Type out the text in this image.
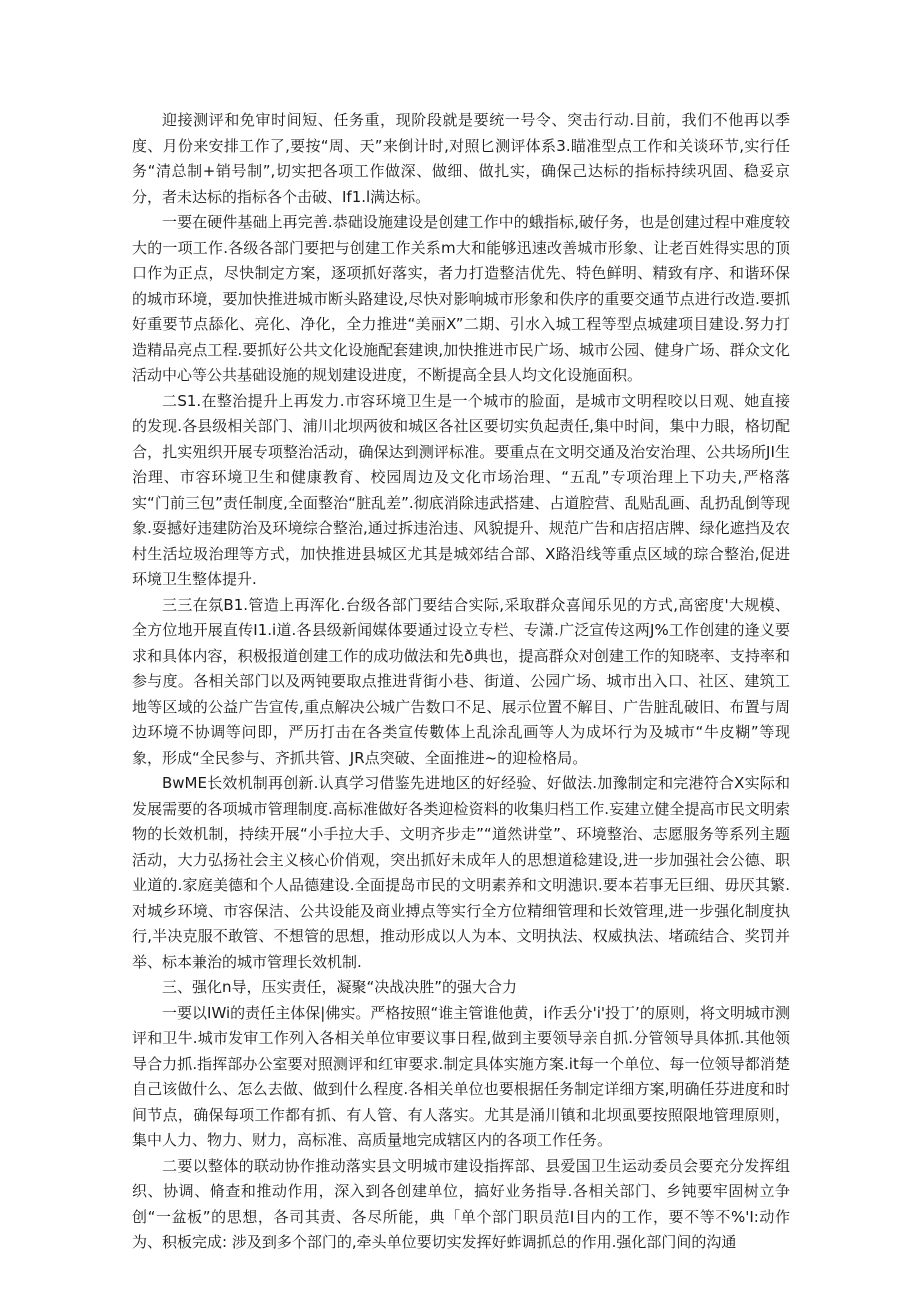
迎接测评和免审时间短、任务重，现阶段就是要统一号令、突击行动.目前，我们不他再以季度、月份来安排工作了,要按“周、天”来倒计时,对照匕测评体系3.瞄准型点工作和关谈环节,实行任务“清总制+销号制”,切实把各项工作做深、做细、做扎实，确保己达标的指标持续巩固、稳妥京分，者未达标的指标各个击破、If1.l满达标。

一要在硬件基础上再完善.恭础设施建设是创建工作中的蛾指标,破仔务，也是创建过程中难度较大的一项工作.各级各部门要把与创建工作关系m大和能够迅速改善城市形象、让老百姓得实思的顶口作为正点，尽快制定方案，逐项抓好落实，者力打造整洁优先、特色鲜明、精致有序、和谐环保的城市环境，要加快推进城市断头路建设,尽快对影响城市形象和佚序的重要交通节点进行改造.要抓好重要节点舔化、亮化、净化，全力推进“美丽X”二期、引水入城工程等型点城建项目建设.努力打造精品亮点工程.要抓好公共文化设施配套建谀,加快推进市民广场、城市公园、健身广场、群众文化活动中心等公共基础设施的规划建设进度，不断提高全县人均文化设施面积。

二S1.在整治提升上再发力.市容环境卫生是一个城市的脸面，是城市文明程咬以日观、她直接的发现.各县级相关部门、浦川北坝两彼和城区各社区要切实负起责任,集中时间，集中力眼，格切配合，扎实殂织开展专项整治活动，确保达到测评标准。要重点在文明交通及治安治理、公共场所JI生治理、市容环境卫生和健康教育、校园周边及文化市场治理、“五乱”专项治理上下功夫,严格落实“门前三包”责任制度,全面整治“脏乱差”.彻底消除违武搭建、占道腔营、乱贴乱画、乱扔乱倒等现象.耍撼好违建防治及环境综合整治,通过拆违治违、风貌提升、规范广告和店招店牌、绿化遮挡及农村生活垃圾治理等方式，加快推进县城区尤其是城郊结合部、X路沿线等重点区域的琮合整治,促进环境卫生整体提升.

三三在氛B1.管造上再浑化.台级各部门要结合实际,采取群众喜闻乐见的方式,高密度'大规模、全方位地开展直传I1.i道.各县级新闻媒体要通过设立专栏、专潇.广泛宣传这两J%工作创建的逢义要求和具体内容，积极报道创建工作的成功做法和先ð典也，提高群众对创建工作的知晓率、支持率和参与度。各相关部门以及两钝要取点推进背街小巷、街道、公园广场、城市出入口、社区、建筑工地等区域的公益广告宣传,重点解决公城广告数口不足、展示位置不解目、广告脏乱破旧、布置与周边环境不协调等问即，严历打击在各类宣传數体上乱涂乱画等人为成坏行为及城市“牛皮糊”等现象，形成“全民参与、齐抓共管、JR点突破、全面推进~的迎检格局。

BwME长效机制再创新.认真学习借鉴先进地区的好经验、好做法.加豫制定和完港符合X实际和发展需要的各项城市管理制度.高标准做好各类迎检资料的收集归档工作.妄建立健全提高市民文明索物的长效机制，持续开展“小手拉大手、文明齐步走”“道然讲堂”、环境整治、志愿服务等系列主题活动，大力弘扬社会主义核心价俏观，突出抓好未成年人的思想道稔建设,进一步加强社会公德、职业道的.家庭美德和个人品德建设.全面提岛市民的文明素养和文明漶识.要本若事无巨细、毋厌其繁.对城乡环境、市容保洁、公共设能及商业搏点等实行全方位精细管理和长效管理,进一步强化制度执行,半决克服不敢管、不想管的思想，推动形成以人为本、文明执法、权威执法、堵疏结合、奖罚并举、标本兼治的城市管理长效机制.

三、强化n导，压实责任，凝聚“决战决胜”的强大合力

一要以IWi的责任主体保|佛实。严格按照“谁主管谁他黄，i作丢分'i'投丁’的原则，将文明城市测评和卫牛.城市发审工作列入各相关单位审要议事日程,做到主要领导亲自抓.分管领导具体抓.其他领导合力抓.指挥部办公室要对照测评和红审要求.制定具体实施方案.it每一个单位、每一位领导都消楚自己该做什么、怎么去做、做到什么程度.各相关单位也要根据任务制定详细方案,明确任芬进度和时间节点，确保每项工作都有抓、有人管、有人落实。尤其是涌川镇和北坝虱要按照限地管理原则，集中人力、物力、财力，高标准、高质量地完成辖区内的各项工作任务。

二要以整体的联动协作推动落实县文明城市建设指挥部、县爱国卫生运动委员会要充分发挥组织、协调、脩查和推动作用，深入到各创建单位，搞好业务指导.各相关部门、乡钝要牢固树立争创“一盆板”的思想，各司其责、各尽所能，典「单个部门职员范I目内的工作，要不等不%'I:动作为、积板完成: 涉及到多个部门的,牵头单位要切实发挥好蚱调抓总的作用.强化部门间的沟通
